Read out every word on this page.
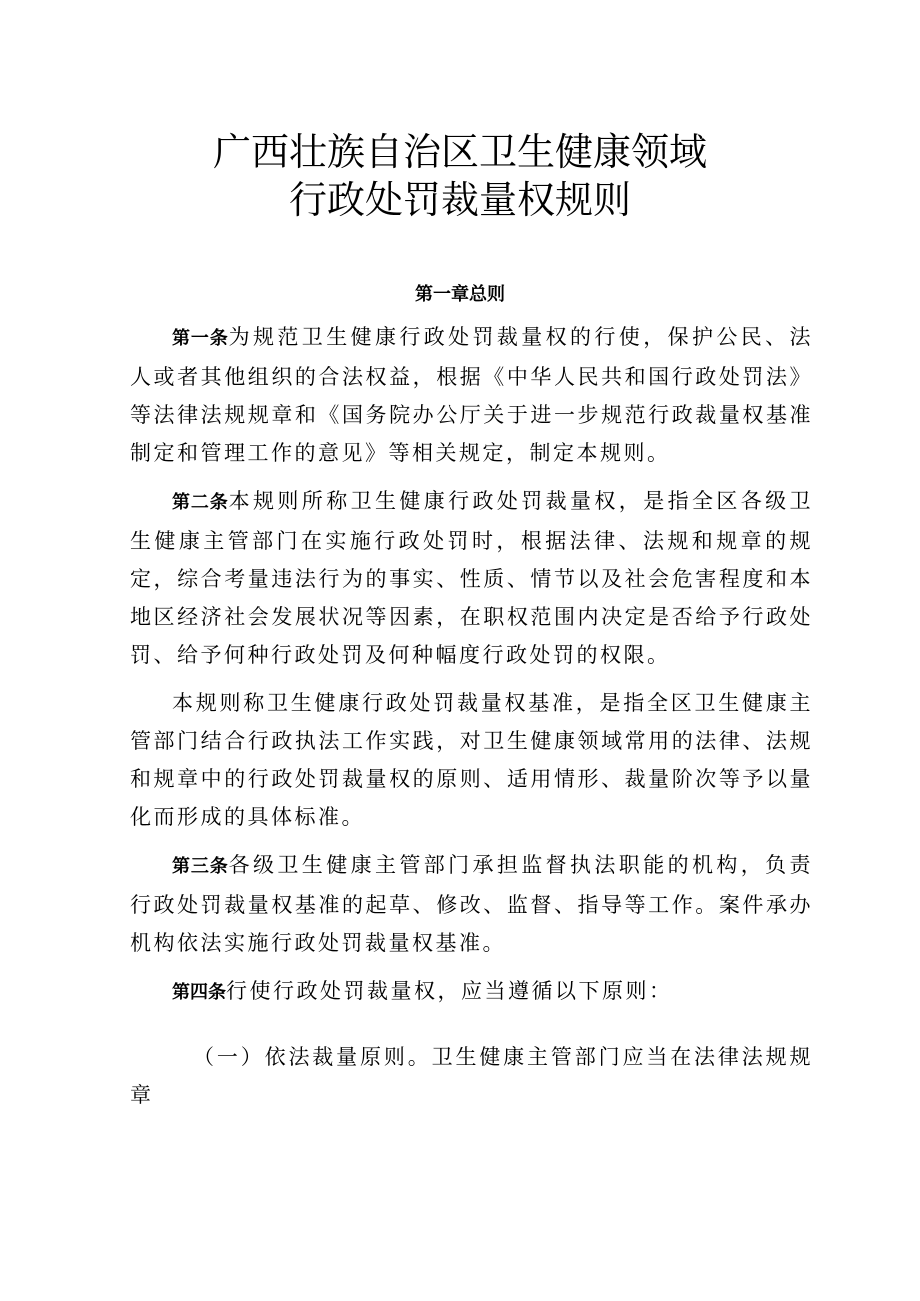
广西壮族自治区卫生健康领域
行政处罚裁量权规则
第一章总则

第一条为规范卫生健康行政处罚裁量权的行使，保护公民、法人或者其他组织的合法权益，根据《中华人民共和国行政处罚法》等法律法规规章和《国务院办公厅关于进一步规范行政裁量权基准制定和管理工作的意见》等相关规定，制定本规则。

第二条本规则所称卫生健康行政处罚裁量权，是指全区各级卫生健康主管部门在实施行政处罚时，根据法律、法规和规章的规定，综合考量违法行为的事实、性质、情节以及社会危害程度和本地区经济社会发展状况等因素，在职权范围内决定是否给予行政处罚、给予何种行政处罚及何种幅度行政处罚的权限。

本规则称卫生健康行政处罚裁量权基准，是指全区卫生健康主管部门结合行政执法工作实践，对卫生健康领域常用的法律、法规和规章中的行政处罚裁量权的原则、适用情形、裁量阶次等予以量化而形成的具体标准。

第三条各级卫生健康主管部门承担监督执法职能的机构，负责行政处罚裁量权基准的起草、修改、监督、指导等工作。案件承办机构依法实施行政处罚裁量权基准。

第四条行使行政处罚裁量权，应当遵循以下原则：

（一）依法裁量原则。卫生健康主管部门应当在法律法规规章
